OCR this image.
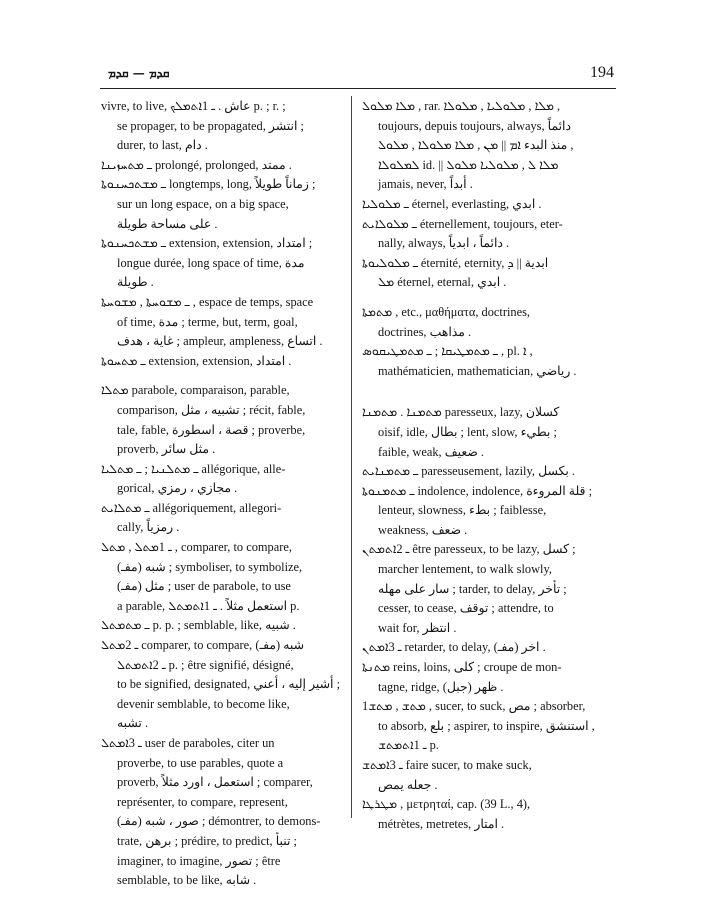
ܩܕܡ — ܩܕܡ	194
vivre, to live, عاش . ـ 1ܐܬܡܠܟ p. ; r. ;
se propager, to be propagated, انتشر ;
durer, to last, دام .
ـ ܡܬܚܙܝܢܐ prolongé, prolonged, ممتد .
ـ ܡܫܬܟܚܢܘܬܐ longtemps, long, زماناً طويلاً ;
sur un long espace, on a big space,
على مساحة طويلة .
ـ ܡܫܬܟܚܢܘܬܐ extension, extension, امتداد ;
longue durée, long space of time, مدة
طويلة .
ـ ܡܫܘܚܬܐ , ܡܫܘܚܬܐ , espace de temps, space
of time, مدة ; terme, but, term, goal,
غاية ، هدف ; ampleur, ampleness, اتساع .
ـ ܡܬܚܘܬܐ extension, extension, امتداد .
ܡܬܠܐ parabole, comparaison, parable,
comparison, تشبيه ، مثل ; récit, fable,
tale, fable, قصة ، اسطورة ; proverbe,
proverb, مثل سائر .
ـ ܡܬܠܢܝܐ ; ـ ܡܬܠܝܐ allégorique, alle-
gorical, مجازي ، رمزي .
ـ ܡܬܠܐܝܬ allégoriquement, allegori-
cally, رمزياً .
ـ 1ܡܬܠ , ܡܬܠ , comparer, to compare,
شبه (مفـ) ; symboliser, to symbolize,
مثل (مفـ) ; user de parabole, to use
a parable, استعمل مثلاً . ـ 1ܐܬܡܬܠ p.
ـ ܡܬܡܬܠ p. p. ; semblable, like, شبيه .
ـ 2ܡܬܠ comparer, to compare, شبه (مفـ)
ـ 2ܐܬܡܬܠ p. ; être signifié, désigné,
to be signified, designated, أشير إليه ، أعني ;
devenir semblable, to become like,
تشبه .
ـ 3ܐܡܬܠ user de paraboles, citer un
proverbe, to use parables, quote a
proverb, استعمل ، اورد مثلاً ; comparer,
représenter, to compare, represent,
صور ، شبه (مفـ) ; démontrer, to demons-
trate, برهن ; prédire, to predict, تنبأ ;
imaginer, to imagine, تصور ; être
semblable, to be like, شابه .
ܡܠܐ ܡܠܘܠ , rar. ܡܠܐ , ܡܠܘܠܝܐ , ܡܠܘܠܐ ,
toujours, depuis toujours, always, دائماً
منذ البدء ܐܡ || ܡܢ , ܡܠܐ ܡܠܘܠܐ , ܡܠܘܠ ,
ܠܡܠܘܠܐ id. || ܡܠܐ ܠ , ܡܠܘܠܝܐ ܡܠܘܠ
jamais, never, أبداً .
ـ ܡܠܘܠܝܐ éternel, everlasting, ابدي .
ـ ܡܠܘܠܐܝܬ éternellement, toujours, eter-
nally, always, دائماً ، ابدياً .
ـ ܡܠܘܠܝܘܬܐ éternité, eternity, ابدية || ܕ
ܡܠ éternel, eternal, ابدي .
ܡܬܡܬܐ , etc., μαθήματα, doctrines,
doctrines, مذاهب .
ـ ܡܬܡܛܝܩܐ ; ـ ܡܬܡܛܝܩܘܣ , pl. ܐ ,
mathématicien, mathematician, رياضي .
ܡܬܡܢܐ . ܡܬܡܢܐ paresseux, lazy, كسلان
oisif, idle, بطال ; lent, slow, بطيء ;
faible, weak, ضعيف .
ـ ܡܬܡܢܐܝܬ paresseusement, lazily, بكسل .
ـ ܡܬܡܢܘܬܐ indolence, indolence, قلة المروءة ;
lenteur, slowness, بطء ; faiblesse,
weakness, ضعف .
ـ 2ܐܬܡܬܢ être paresseux, to be lazy, كسل ;
marcher lentement, to walk slowly,
سار على مهله ; tarder, to delay, تأخر ;
cesser, to cease, توقف ; attendre, to
wait for, انتظر .
ـ 3ܐܡܬܢ retarder, to delay, اخر (مفـ) .
ܡܬܢܬܐ reins, loins, كلى ; croupe de mon-
tagne, ridge, ظهر (جبل) .
1ܡܬܫ , ܡܬܫ , sucer, to suck, مص ; absorber,
to absorb, بلع ; aspirer, to inspire, استنشق ,
ـ 1ܐܬܡܬܫ p.
ـ 3ܐܡܬܫ faire sucer, to make suck,
جعله يمص .
ܡܛܪܛܐ , μετρηταί, cap. (39 L., 4),
métrètes, metretes, امتار .
